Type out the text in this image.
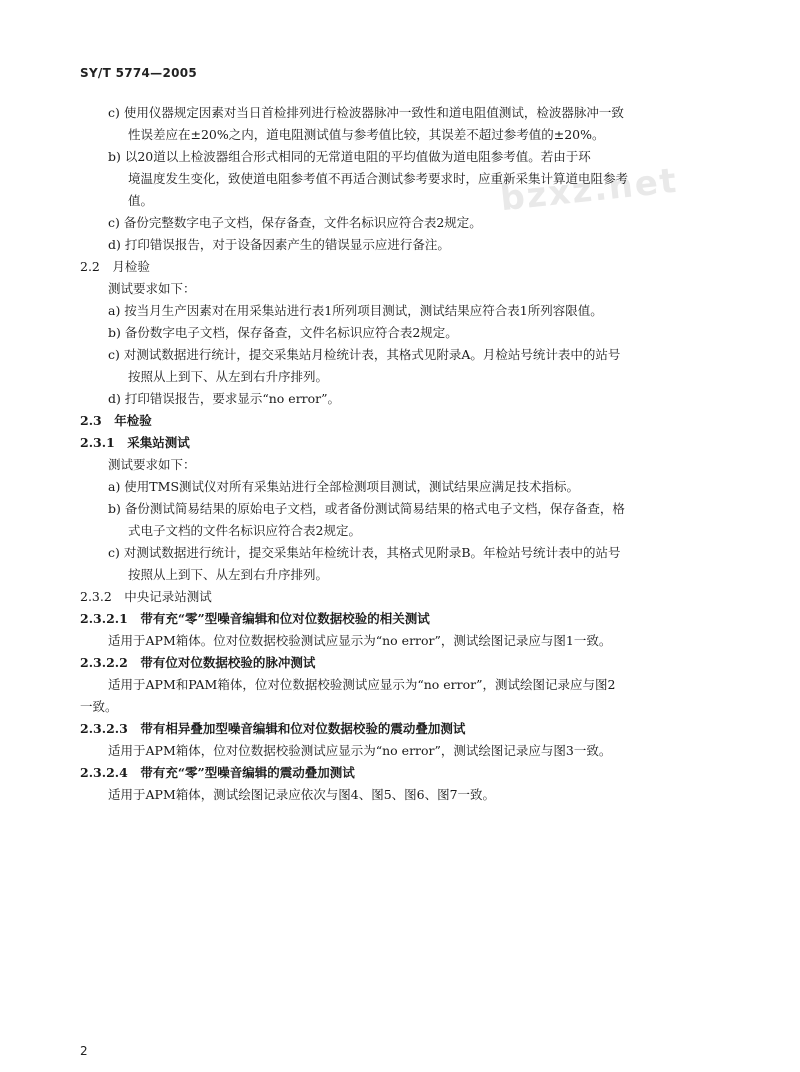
SY/T 5774—2005
bzxz.net
c) 使用仪器规定因素对当日首检排列进行检波器脉冲一致性和道电阻值测试，检波器脉冲一致
性误差应在±20%之内，道电阻测试值与参考值比较，其误差不超过参考值的±20%。
b) 以20道以上检波器组合形式相同的无常道电阻的平均值做为道电阻参考值。若由于环
境温度发生变化，致使道电阻参考值不再适合测试参考要求时，应重新采集计算道电阻参考
值。
c) 备份完整数字电子文档，保存备查，文件名标识应符合表2规定。
d) 打印错误报告，对于设备因素产生的错误显示应进行备注。
2.2　月检验
测试要求如下：
a) 按当月生产因素对在用采集站进行表1所列项目测试，测试结果应符合表1所列容限值。
b) 备份数字电子文档，保存备查，文件名标识应符合表2规定。
c) 对测试数据进行统计，提交采集站月检统计表，其格式见附录A。月检站号统计表中的站号
按照从上到下、从左到右升序排列。
d) 打印错误报告，要求显示“no error”。
2.3　年检验
2.3.1　采集站测试
测试要求如下：
a) 使用TMS测试仪对所有采集站进行全部检测项目测试，测试结果应满足技术指标。
b) 备份测试简易结果的原始电子文档，或者备份测试简易结果的格式电子文档，保存备查，格
式电子文档的文件名标识应符合表2规定。
c) 对测试数据进行统计，提交采集站年检统计表，其格式见附录B。年检站号统计表中的站号
按照从上到下、从左到右升序排列。
2.3.2　中央记录站测试
2.3.2.1　带有充“零”型噪音编辑和位对位数据校验的相关测试
适用于APM箱体。位对位数据校验测试应显示为“no error”，测试绘图记录应与图1一致。
2.3.2.2　带有位对位数据校验的脉冲测试
适用于APM和PAM箱体，位对位数据校验测试应显示为“no error”，测试绘图记录应与图2
一致。
2.3.2.3　带有相异叠加型噪音编辑和位对位数据校验的震动叠加测试
适用于APM箱体，位对位数据校验测试应显示为“no error”，测试绘图记录应与图3一致。
2.3.2.4　带有充“零”型噪音编辑的震动叠加测试
适用于APM箱体，测试绘图记录应依次与图4、图5、图6、图7一致。
2
